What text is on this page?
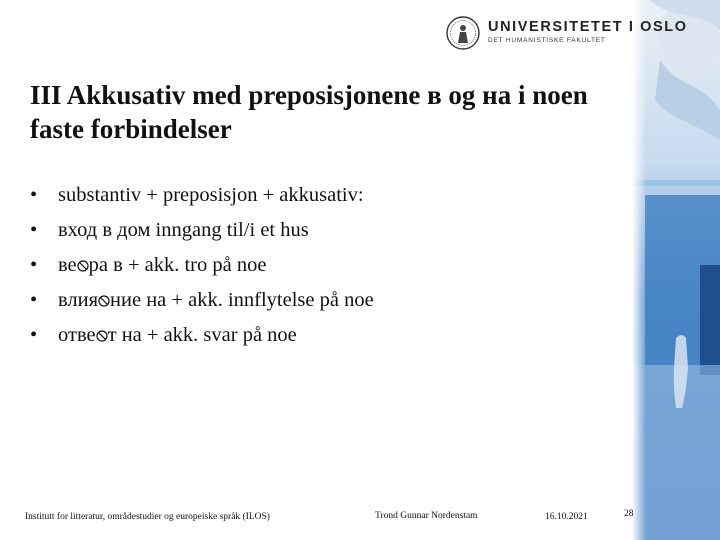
UNIVERSITETET I OSLO
DET HUMANISTISKE FAKULTET
III Akkusativ med preposisjonene в og на i noen faste forbindelser
• substantiv + preposisjon + akkusativ:
• вход в дом inngang til/i et hus
• ве ра в + akk. tro på noe
• влия ние на + akk. innflytelse på noe
• отве т на + akk. svar på noe
Institutt for litteratur, områdestudier og europeiske språk (ILOS)	Trond Gunnar Nordenstam	16.10.2021	28
